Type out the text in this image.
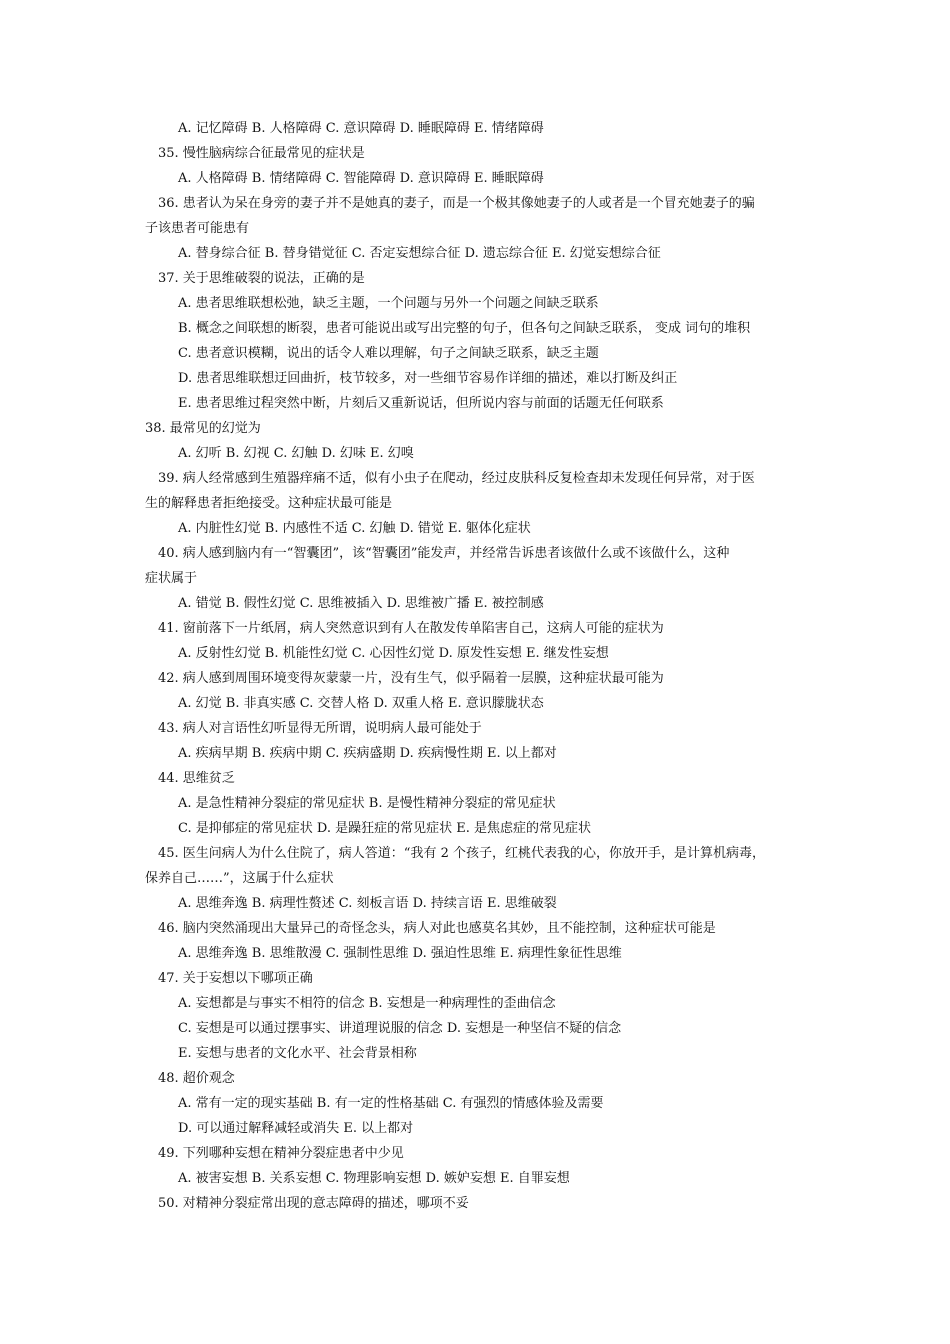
A. 记忆障碍 B. 人格障碍 C. 意识障碍 D. 睡眠障碍 E. 情绪障碍
35. 慢性脑病综合征最常见的症状是
A. 人格障碍 B. 情绪障碍 C. 智能障碍 D. 意识障碍 E. 睡眠障碍
36. 患者认为呆在身旁的妻子并不是她真的妻子，而是一个极其像她妻子的人或者是一个冒充她妻子的骗
子该患者可能患有
A. 替身综合征 B. 替身错觉征 C. 否定妄想综合征 D. 遗忘综合征 E. 幻觉妄想综合征
37. 关于思维破裂的说法，正确的是
A. 患者思维联想松弛，缺乏主题，一个问题与另外一个问题之间缺乏联系
B. 概念之间联想的断裂，患者可能说出或写出完整的句子，但各句之间缺乏联系， 变成 词句的堆积
C. 患者意识模糊，说出的话令人难以理解，句子之间缺乏联系，缺乏主题
D. 患者思维联想迂回曲折，枝节较多，对一些细节容易作详细的描述，难以打断及纠正
E. 患者思维过程突然中断，片刻后又重新说话，但所说内容与前面的话题无任何联系
38. 最常见的幻觉为
A. 幻听 B. 幻视 C. 幻触 D. 幻味 E. 幻嗅
39. 病人经常感到生殖器痒痛不适，似有小虫子在爬动，经过皮肤科反复检查却未发现任何异常，对于医
生的解释患者拒绝接受。这种症状最可能是
A. 内脏性幻觉 B. 内感性不适 C. 幻触 D. 错觉 E. 躯体化症状
40. 病人感到脑内有一“智囊团”，该“智囊团”能发声，并经常告诉患者该做什么或不该做什么，这种
症状属于
A. 错觉 B. 假性幻觉 C. 思维被插入 D. 思维被广播 E. 被控制感
41. 窗前落下一片纸屑，病人突然意识到有人在散发传单陷害自己，这病人可能的症状为
A. 反射性幻觉 B. 机能性幻觉 C. 心因性幻觉 D. 原发性妄想 E. 继发性妄想
42. 病人感到周围环境变得灰蒙蒙一片，没有生气，似乎隔着一层膜，这种症状最可能为
A. 幻觉 B. 非真实感 C. 交替人格 D. 双重人格 E. 意识朦胧状态
43. 病人对言语性幻听显得无所谓，说明病人最可能处于
A. 疾病早期 B. 疾病中期 C. 疾病盛期 D. 疾病慢性期 E. 以上都对
44. 思维贫乏
A. 是急性精神分裂症的常见症状 B. 是慢性精神分裂症的常见症状
C. 是抑郁症的常见症状 D. 是躁狂症的常见症状 E. 是焦虑症的常见症状
45. 医生问病人为什么住院了，病人答道：“我有 2 个孩子，红桃代表我的心，你放开手，是计算机病毒，
保养自己……”，这属于什么症状
A. 思维奔逸 B. 病理性赘述 C. 刻板言语 D. 持续言语 E. 思维破裂
46. 脑内突然涌现出大量异己的奇怪念头，病人对此也感莫名其妙，且不能控制，这种症状可能是
A. 思维奔逸 B. 思维散漫 C. 强制性思维 D. 强迫性思维 E. 病理性象征性思维
47. 关于妄想以下哪项正确
A. 妄想都是与事实不相符的信念 B. 妄想是一种病理性的歪曲信念
C. 妄想是可以通过摆事实、讲道理说服的信念 D. 妄想是一种坚信不疑的信念
E. 妄想与患者的文化水平、社会背景相称
48. 超价观念
A. 常有一定的现实基础 B. 有一定的性格基础 C. 有强烈的情感体验及需要
D. 可以通过解释减轻或消失 E. 以上都对
49. 下列哪种妄想在精神分裂症患者中少见
A. 被害妄想 B. 关系妄想 C. 物理影响妄想 D. 嫉妒妄想 E. 自罪妄想
50. 对精神分裂症常出现的意志障碍的描述，哪项不妥
